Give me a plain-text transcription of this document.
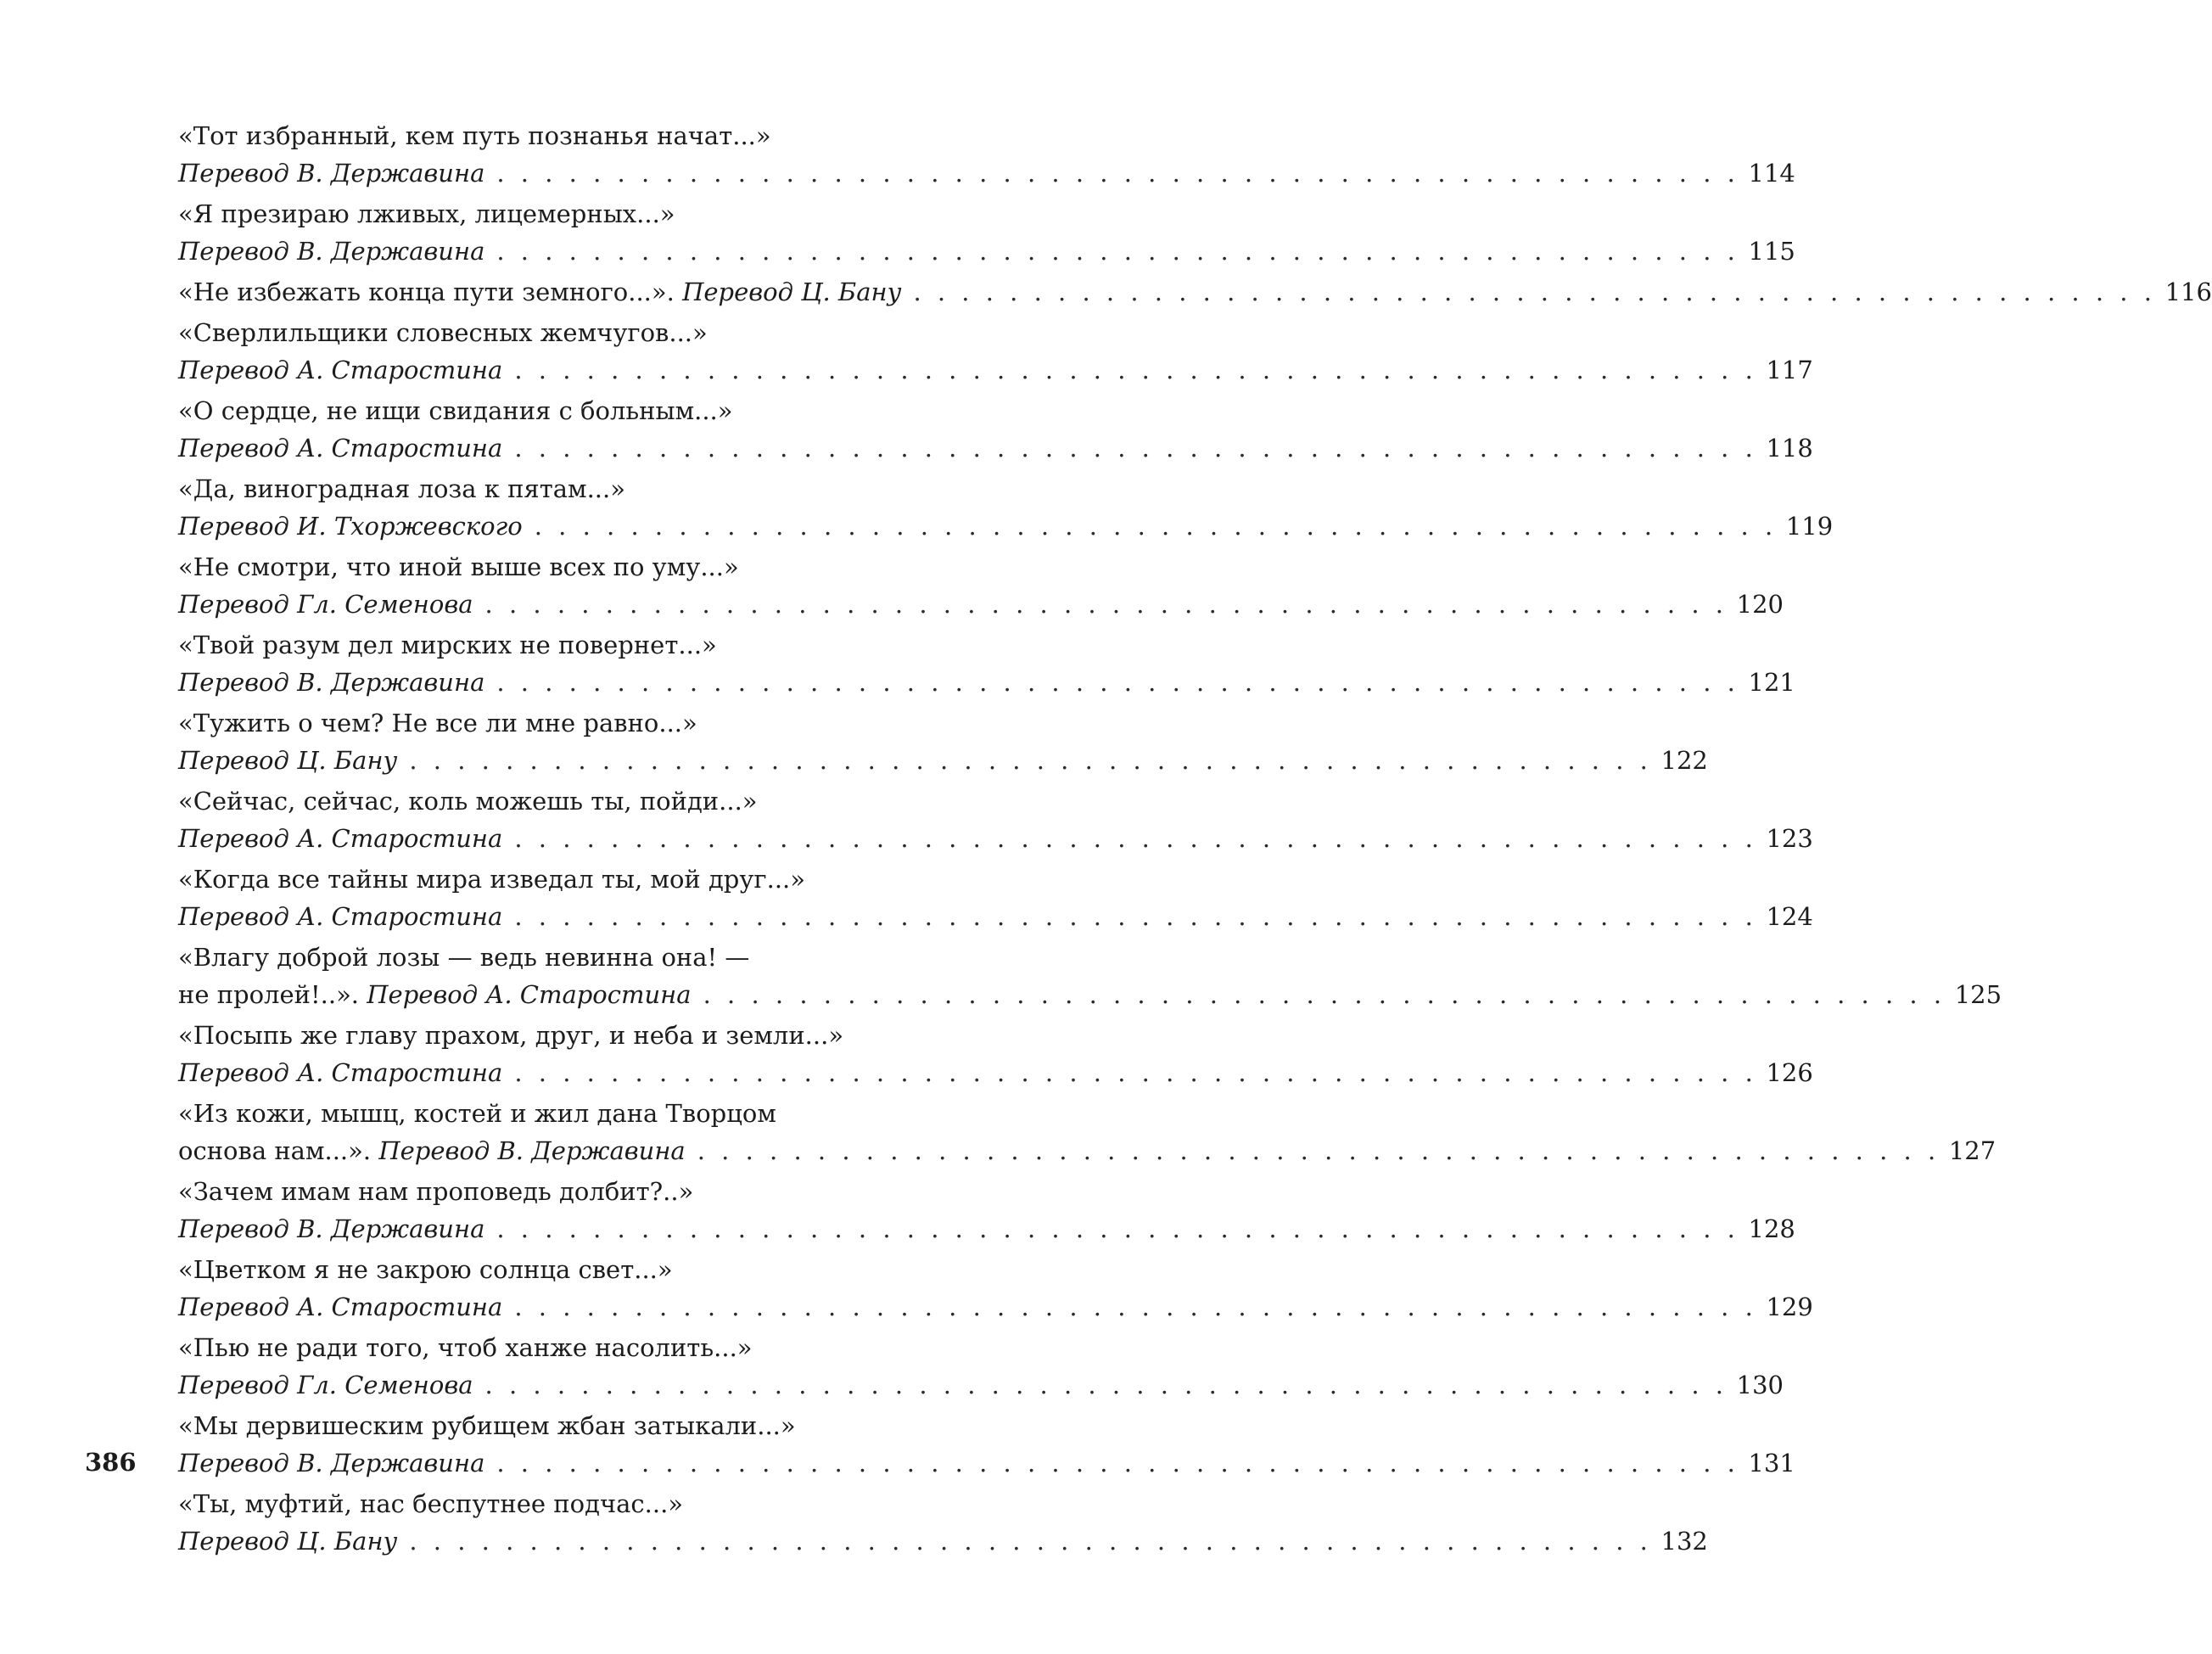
«Тот избранный, кем путь познанья начат...»
Перевод В. Державина . . . . . . . . . . . . . . . . . . . . . . . . . . . . . . . . . . . . . . . . . . . . . . . . . . . . 114
«Я презираю лживых, лицемерных...»
Перевод В. Державина . . . . . . . . . . . . . . . . . . . . . . . . . . . . . . . . . . . . . . . . . . . . . . . . . . . . 115
«Не избежать конца пути земного...».
Перевод Ц. Бану . . . . . . . . . . . . . . . . . . . . . . . . . . . . . . . . . . . . . . . . . . . . . . . . . . . . 116
«Сверлильщики словесных жемчугов...»
Перевод А. Старостина . . . . . . . . . . . . . . . . . . . . . . . . . . . . . . . . . . . . . . . . . . . . . . . . . . . . 117
«О сердце, не ищи свидания с больным...»
Перевод А. Старостина . . . . . . . . . . . . . . . . . . . . . . . . . . . . . . . . . . . . . . . . . . . . . . . . . . . . 118
«Да, виноградная лоза к пятам...»
Перевод И. Тхоржевского . . . . . . . . . . . . . . . . . . . . . . . . . . . . . . . . . . . . . . . . . . . . . . . . . . . . 119
«Не смотри, что иной выше всех по уму...»
Перевод Гл. Семенова . . . . . . . . . . . . . . . . . . . . . . . . . . . . . . . . . . . . . . . . . . . . . . . . . . . . 120
«Твой разум дел мирских не повернет...»
Перевод В. Державина . . . . . . . . . . . . . . . . . . . . . . . . . . . . . . . . . . . . . . . . . . . . . . . . . . . . 121
«Тужить о чем? Не все ли мне равно...»
Перевод Ц. Бану . . . . . . . . . . . . . . . . . . . . . . . . . . . . . . . . . . . . . . . . . . . . . . . . . . . . 122
«Сейчас, сейчас, коль можешь ты, пойди...»
Перевод А. Старостина . . . . . . . . . . . . . . . . . . . . . . . . . . . . . . . . . . . . . . . . . . . . . . . . . . . . 123
«Когда все тайны мира изведал ты, мой друг...»
Перевод А. Старостина . . . . . . . . . . . . . . . . . . . . . . . . . . . . . . . . . . . . . . . . . . . . . . . . . . . . 124
«Влагу доброй лозы — ведь невинна она! —
не пролей!..».
Перевод А. Старостина . . . . . . . . . . . . . . . . . . . . . . . . . . . . . . . . . . . . . . . . . . . . . . . . . . . . 125
«Посыпь же главу прахом, друг, и неба и земли...»
Перевод А. Старостина . . . . . . . . . . . . . . . . . . . . . . . . . . . . . . . . . . . . . . . . . . . . . . . . . . . . 126
«Из кожи, мышц, костей и жил дана Творцом
основа нам...».
Перевод В. Державина . . . . . . . . . . . . . . . . . . . . . . . . . . . . . . . . . . . . . . . . . . . . . . . . . . . . 127
«Зачем имам нам проповедь долбит?..»
Перевод В. Державина . . . . . . . . . . . . . . . . . . . . . . . . . . . . . . . . . . . . . . . . . . . . . . . . . . . . 128
«Цветком я не закрою солнца свет...»
Перевод А. Старостина . . . . . . . . . . . . . . . . . . . . . . . . . . . . . . . . . . . . . . . . . . . . . . . . . . . . 129
«Пью не ради того, чтоб ханже насолить...»
Перевод Гл. Семенова . . . . . . . . . . . . . . . . . . . . . . . . . . . . . . . . . . . . . . . . . . . . . . . . . . . . 130
«Мы дервишеским рубищем жбан затыкали...»
Перевод В. Державина . . . . . . . . . . . . . . . . . . . . . . . . . . . . . . . . . . . . . . . . . . . . . . . . . . . . 131
«Ты, муфтий, нас беспутнее подчас...»
Перевод Ц. Бану . . . . . . . . . . . . . . . . . . . . . . . . . . . . . . . . . . . . . . . . . . . . . . . . . . . . 132
386
